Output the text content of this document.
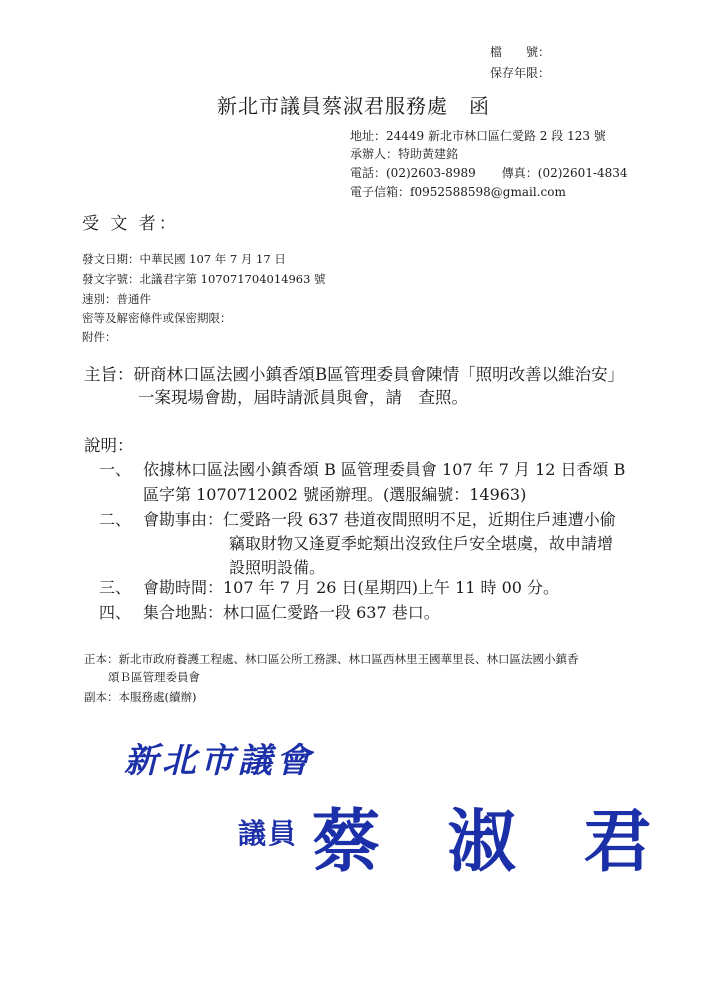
檔　　號：
保存年限：
新北市議員蔡淑君服務處　函
地址：24449 新北市林口區仁愛路 2 段 123 號
承辦人：特助黃建銘
電話：(02)2603-8989 傳真：(02)2601-4834
電子信箱：f0952588598@gmail.com
受 文 者：
發文日期：中華民國 107 年 7 月 17 日
發文字號：北議君字第 107071704014963 號
速別：普通件
密等及解密條件或保密期限：
附件：
主旨：研商林口區法國小鎮香頌B區管理委員會陳情「照明改善以維治安」
一案現場會勘，屆時請派員與會，請　查照。
說明：
一、 依據林口區法國小鎮香頌 B 區管理委員會 107 年 7 月 12 日香頌 B
區字第 1070712002 號函辦理。(選服編號：14963)
二、 會勘事由：仁愛路一段 637 巷道夜間照明不足，近期住戶連遭小偷
竊取財物又逢夏季蛇類出沒致住戶安全堪虞，故申請增
設照明設備。
三、 會勘時間：107 年 7 月 26 日(星期四)上午 11 時 00 分。
四、 集合地點：林口區仁愛路一段 637 巷口。
正本：新北市政府養護工程處、林口區公所工務課、林口區西林里王國華里長、林口區法國小鎮香
頌Ｂ區管理委員會
副本：本服務處(續辦)
新北市議會
議員 蔡 淑 君
